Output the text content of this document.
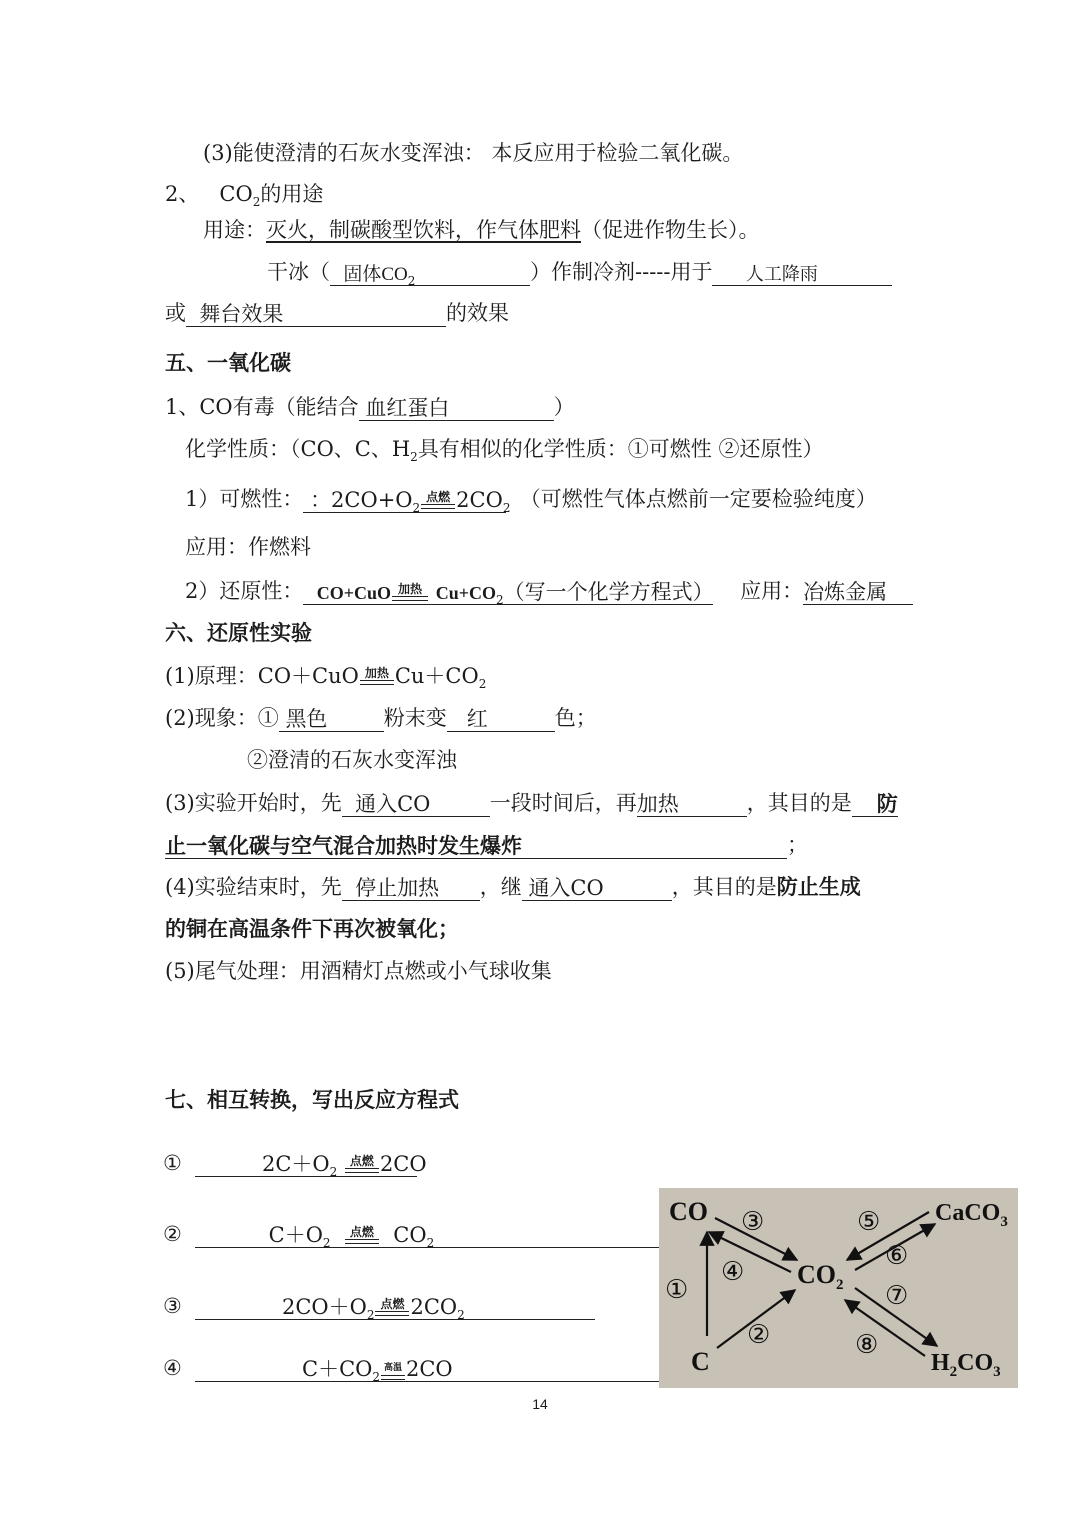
(3)能使澄清的石灰水变浑浊： 本反应用于检验二氧化碳。
2、 $CO_2$的用途
用途：灭火，制碳酸型饮料，作气体肥料（促进作物生长）。
干冰（ 固体$CO_2$	）作制冷剂-----用于 人工降雨
或 舞台效果	的效果
五、一氧化碳
1、CO有毒（能结合 血红蛋白	）
化学性质：（CO、C、$H_2$具有相似的化学性质：①可燃性 ②还原性）
1）可燃性： ：$2CO+O_2$
点燃 $2CO_2$ （可燃性气体点燃前一定要检验纯度）
应用：作燃料
2）还原性： CO+CuO 加热 $Cu+CO_2$（写一个化学方程式） 应用：冶炼金属
六、还原性实验
(1)原理：CO＋CuO 加热 $Cu+CO_2$
(2)现象：① 黑色	粉末变 红	色；
②澄清的石灰水变浑浊
(3)实验开始时，先 通入CO	一段时间后，再加热	，其目的是 防
止一氧化碳与空气混合加热时发生爆炸	；
(4)实验结束时，先 停止加热 ，继 通入CO	，其目的是防止生成
的铜在高温条件下再次被氧化；
(5)尾气处理：用酒精灯点燃或小气球收集
七、相互转换，写出反应方程式
①	$2C+O_2$
点燃 2CO
②	$C+O_2$
点燃 $CO_2$
③	$2CO+O_2$
点燃 $2CO_2$
④	$C+CO_2$
高温 2CO
CO
C
$CO_2$
CaCO$_3$
$H_2CO_3$
①
②
③
④
⑤
⑥
⑦
⑧
14
